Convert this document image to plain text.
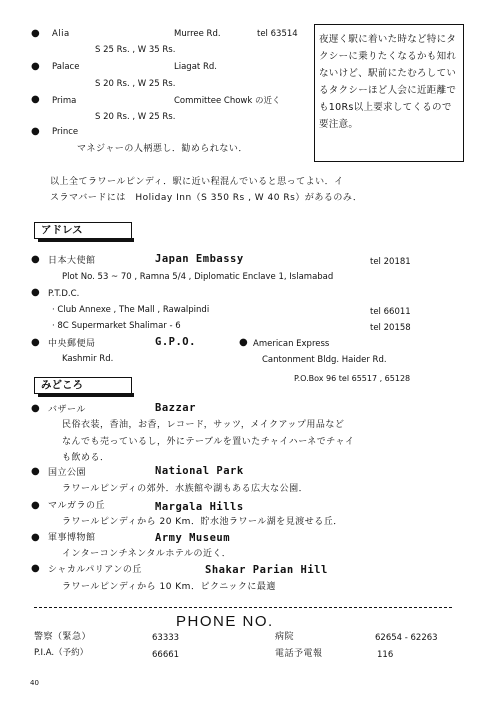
● Alia	Murree Rd.	tel 63514
S 25 Rs. , W 35 Rs.
● Palace	Liagat Rd.
S 20 Rs. , W 25 Rs.
● Prima	Committee Chowk の近く
S 20 Rs. , W 25 Rs.
● Prince
マネジャーの人柄悪し．勧められない．
夜遅く駅に着いた時など特にタクシーに乗りたくなるかも知れないけど、駅前にたむろしているタクシーほど人会に近距離でも10Rs以上要求してくるので要注意。
以上全てラワールピンディ．駅に近い程混んでいると思ってよい．イ
スラマバードには　Holiday Inn（S 350 Rs , W 40 Rs）があるのみ．
アドレス
● 日本大使館	Japan Embassy	tel 20181
Plot No. 53 ~ 70 , Ramna 5/4 , Diplomatic Enclave 1, Islamabad
● P.T.D.C.
· Club Annexe , The Mall , Rawalpindi	tel 66011
· 8C Supermarket Shalimar - 6	tel 20158
● 中央郵便局	G.P.O.
Kashmir Rd.
● American Express
Cantonment Bldg. Haider Rd.
P.O.Box 96 tel 65517 , 65128
みどころ
● バザール	Bazzar
民俗衣装，香油，お香，レコード，サッツ，メイクアップ用品など
なんでも売っているし，外にテーブルを置いたチャイハーネでチャイ
も飲める．
● 国立公園	National Park
ラワールピンディの郊外．水族館や湖もある広大な公園．
● マルガラの丘	Margala Hills
ラワールピンディから 20 Km．貯水池ラワール湖を見渡せる丘．
● 軍事博物館	Army Museum
インターコンチネンタルホテルの近く．
● シャカルパリアンの丘	Shakar Parian Hill
ラワールピンディから 10 Km．ピクニックに最適
PHONE NO.
警察（緊急）	63333	病院	62654 - 62263
P.I.A.（予約）	66661	電話予電報	116
40
